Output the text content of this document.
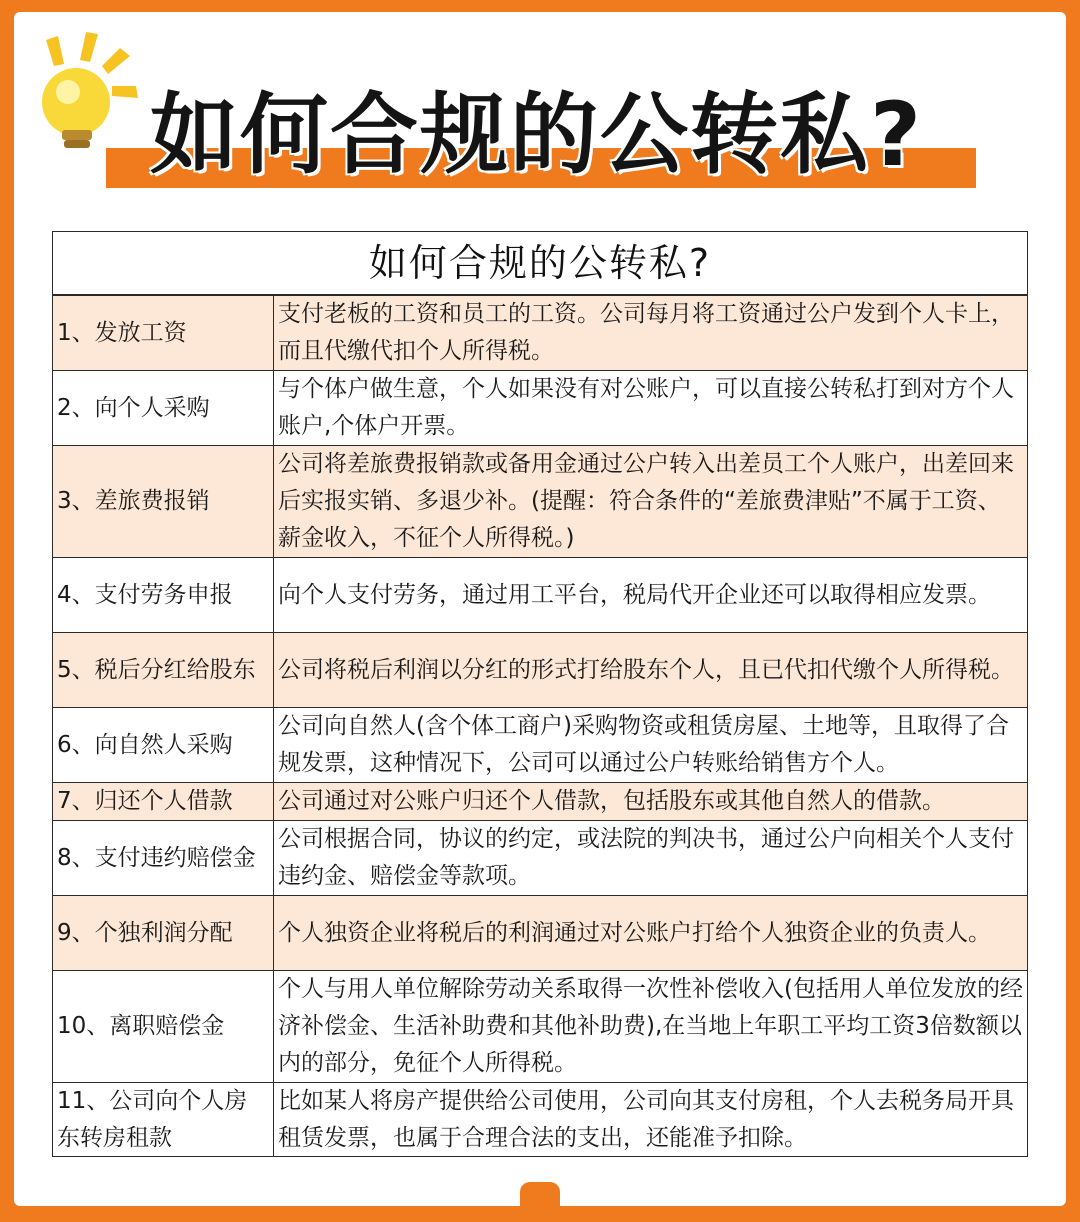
如何合规的公转私?
如何合规的公转私?
1、发放工资	支付老板的工资和员工的工资。公司每月将工资通过公户发到个人卡上，而且代缴代扣个人所得税。
2、向个人采购	与个体户做生意，个人如果没有对公账户，可以直接公转私打到对方个人账户,个体户开票。
3、差旅费报销	公司将差旅费报销款或备用金通过公户转入出差员工个人账户，出差回来后实报实销、多退少补。(提醒：符合条件的“差旅费津贴”不属于工资、薪金收入，不征个人所得税。)
4、支付劳务申报	向个人支付劳务，通过用工平台，税局代开企业还可以取得相应发票。
5、税后分红给股东	公司将税后利润以分红的形式打给股东个人，且已代扣代缴个人所得税。
6、向自然人采购	公司向自然人(含个体工商户)采购物资或租赁房屋、土地等，且取得了合规发票，这种情况下，公司可以通过公户转账给销售方个人。
7、归还个人借款	公司通过对公账户归还个人借款，包括股东或其他自然人的借款。
8、支付违约赔偿金	公司根据合同，协议的约定，或法院的判决书，通过公户向相关个人支付违约金、赔偿金等款项。
9、个独利润分配	个人独资企业将税后的利润通过对公账户打给个人独资企业的负责人。
10、离职赔偿金	个人与用人单位解除劳动关系取得一次性补偿收入(包括用人单位发放的经济补偿金、生活补助费和其他补助费),在当地上年职工平均工资3倍数额以内的部分，免征个人所得税。
11、公司向个人房东转房租款	比如某人将房产提供给公司使用，公司向其支付房租，个人去税务局开具租赁发票，也属于合理合法的支出，还能准予扣除。
